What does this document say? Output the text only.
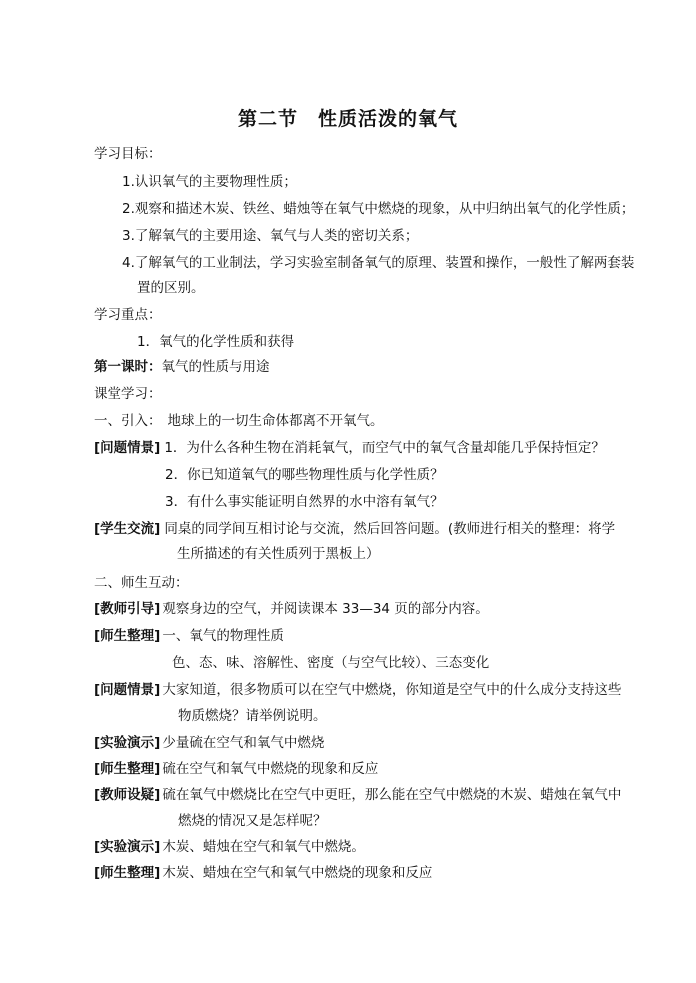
第二节　性质活泼的氧气
学习目标：
1.认识氧气的主要物理性质；
2.观察和描述木炭、铁丝、蜡烛等在氧气中燃烧的现象，从中归纳出氧气的化学性质；
3.了解氧气的主要用途、氧气与人类的密切关系；
4.了解氧气的工业制法，学习实验室制备氧气的原理、装置和操作，一般性了解两套装
置的区别。
学习重点：
1．氧气的化学性质和获得
第一课时：氧气的性质与用途
课堂学习：
一、引入： 地球上的一切生命体都离不开氧气。
[问题情景] 1．为什么各种生物在消耗氧气，而空气中的氧气含量却能几乎保持恒定？
2．你已知道氧气的哪些物理性质与化学性质？
3．有什么事实能证明自然界的水中溶有氧气？
[学生交流] 同桌的同学间互相讨论与交流，然后回答问题。(教师进行相关的整理：将学
生所描述的有关性质列于黑板上）
二、师生互动：
[教师引导] 观察身边的空气，并阅读课本 33—34 页的部分内容。
[师生整理] 一、氧气的物理性质
色、态、味、溶解性、密度（与空气比较）、三态变化
[问题情景] 大家知道，很多物质可以在空气中燃烧，你知道是空气中的什么成分支持这些
物质燃烧？请举例说明。
[实验演示] 少量硫在空气和氧气中燃烧
[师生整理] 硫在空气和氧气中燃烧的现象和反应
[教师设疑] 硫在氧气中燃烧比在空气中更旺，那么能在空气中燃烧的木炭、蜡烛在氧气中
燃烧的情况又是怎样呢？
[实验演示] 木炭、蜡烛在空气和氧气中燃烧。
[师生整理] 木炭、蜡烛在空气和氧气中燃烧的现象和反应
